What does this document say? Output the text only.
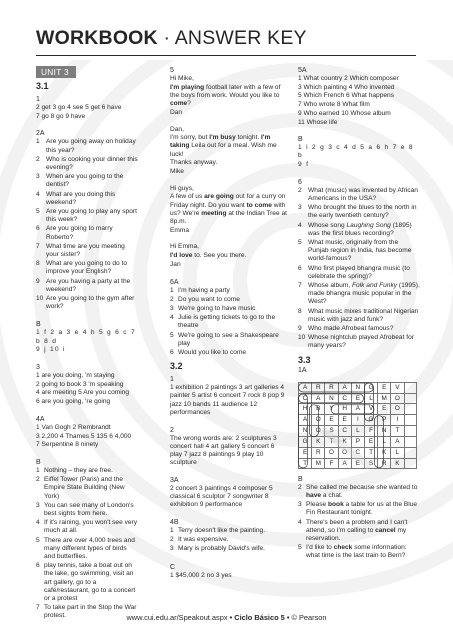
WORKBOOK · ANSWER KEY
UNIT 3
3.1
1
2 get 3 go 4 see 5 get 6 have
7 go 8 go 9 have
2A
1 Are you going away on holiday this year?
2 Who is cooking your dinner this evening?
3 When are you going to the dentist?
4 What are you doing this weekend?
5 Are you going to play any sport this week?
6 Are you going to marry Roberto?
7 What time are you meeting your sister?
8 What are you going to do to improve your English?
9 Are you having a party at the weekend?
10 Are you going to the gym after work?
B
1 f 2 a 3 e 4 h 5 g 6 c 7 b 8 d
9 j 10 i
3
1 are you doing, 'm staying
2 going to book 3 'm speaking
4 are meeting 5 Are you coming
6 are you going, 're going
4A
1 Van Gogh 2 Rembrandt
3 2,200 4 Thames 5 135 6 4,000
7 Serpentine 8 ninety
B
1 Nothing – they are free.
2 Eiffel Tower (Paris) and the Empire State Building (New York)
3 You can see many of London's best sights from here.
4 If it's raining, you won't see very much at all.
5 There are over 4,000 trees and many different types of birds and butterflies.
6 play tennis, take a boat out on the lake, go swimming, visit an art gallery, go to a café/restaurant, go to a concert or a protest
7 To take part in the Stop the War protest.
5
Hi Mike,
I'm playing football later with a few of the boys from work. Would you like to come?
Dan
Dan,
I'm sorry, but I'm busy tonight. I'm taking Leila out for a meal. Wish me luck!
Thanks anyway.
Mike
Hi guys,
A few of us are going out for a curry on Friday night. Do you want to come with us? We're meeting at the Indian Tree at 8p.m.
Emma
Hi Emma,
I'd love to. See you there.
Jan
6A
1 I'm having a party
2 Do you want to come
3 We're going to have music
4 Julie is getting tickets to go to the theatre
5 We're going to see a Shakespeare play
6 Would you like to come
3.2
1
1 exhibition 2 paintings 3 art galleries 4 painter 5 artist 6 concert 7 rock 8 pop 9 jazz 10 bands 11 audience 12 performances
2
The wrong words are: 2 sculptures 3 concert hall 4 art gallery 5 concert 6 play 7 jazz 8 paintings 9 play 10 sculpture
3A
2 concert 3 paintings 4 composer 5 classical 6 sculptor 7 songwriter 8 exhibition 9 performance
4B
1 Terry doesn't like the painting.
2 It was expensive.
3 Mary is probably David's wife.
C
1 $45,000 2 no 3 yes
5A
1 What country 2 Which composer
3 Which painting 4 Who invented
5 Which French 6 What happens
7 Who wrote 8 What film
9 Who earned 10 Whose album
11 Whose life
B
1 i 2 g 3 c 4 d 5 a 6 h 7 e 8 b
9 f
6
2 What (music) was invented by African Americans in the USA?
3 Who brought the blues to the north in the early twentieth century?
4 Whose song Laughing Song (1895) was the first blues recording?
5 What music, originally from the Punjab region in India, has become world-famous?
6 Who first played bhangra music (to celebrate the spring)?
7 Whose album, Folk and Funky (1995), made bhangra music popular in the West?
8 What music mixes traditional Nigerian music with jazz and funk?
9 Who made Afrobeat famous?
10 Whose nightclub played Afrobeat for many years?
3.3
1A
A	R	R	A	N	G	E	V
C	A	N	C	E	L	M	O
H	B	Y	H	A	V	E	O
A	O	E	E	I	G	P	I
N	O	S	C	L	F	N	T
G	K	T	K	P	E	L	A
E	R	O	O	C	T	K	L
T	M	F	A	E	S	R	K
B
2 She called me because she wanted to have a chat.
3 Please book a table for us at the Blue Fin Restaurant tonight.
4 There's been a problem and I can't attend, so I'm calling to cancel my reservation.
5 I'd like to check some information: what time is the last train to Bern?
www.cui.edu.ar/Speakout.aspx • Ciclo Básico 5 • © Pearson
